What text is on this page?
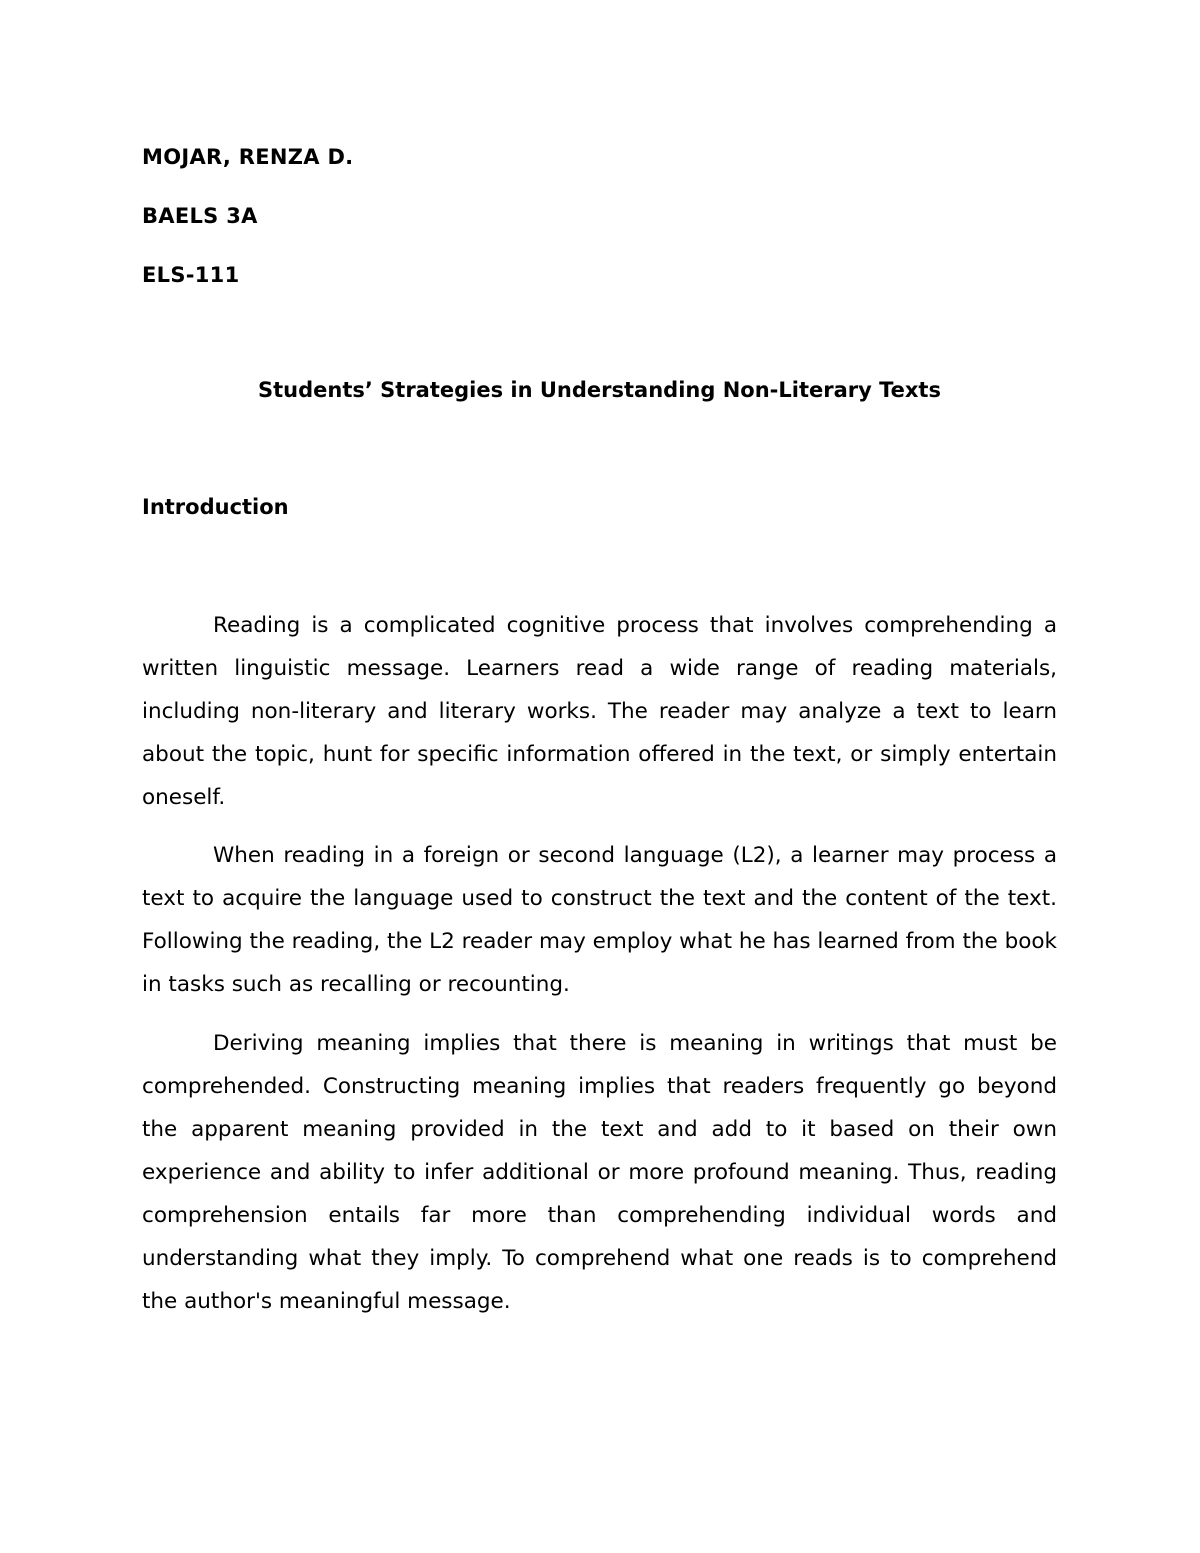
MOJAR, RENZA D.
BAELS 3A
ELS-111
Students’ Strategies in Understanding Non-Literary Texts
Introduction

Reading is a complicated cognitive process that involves comprehending a written linguistic message. Learners read a wide range of reading materials, including non-literary and literary works. The reader may analyze a text to learn about the topic, hunt for specific information offered in the text, or simply entertain oneself.

When reading in a foreign or second language (L2), a learner may process a text to acquire the language used to construct the text and the content of the text. Following the reading, the L2 reader may employ what he has learned from the book in tasks such as recalling or recounting.

Deriving meaning implies that there is meaning in writings that must be comprehended. Constructing meaning implies that readers frequently go beyond the apparent meaning provided in the text and add to it based on their own experience and ability to infer additional or more profound meaning. Thus, reading comprehension entails far more than comprehending individual words and understanding what they imply. To comprehend what one reads is to comprehend the author's meaningful message.
